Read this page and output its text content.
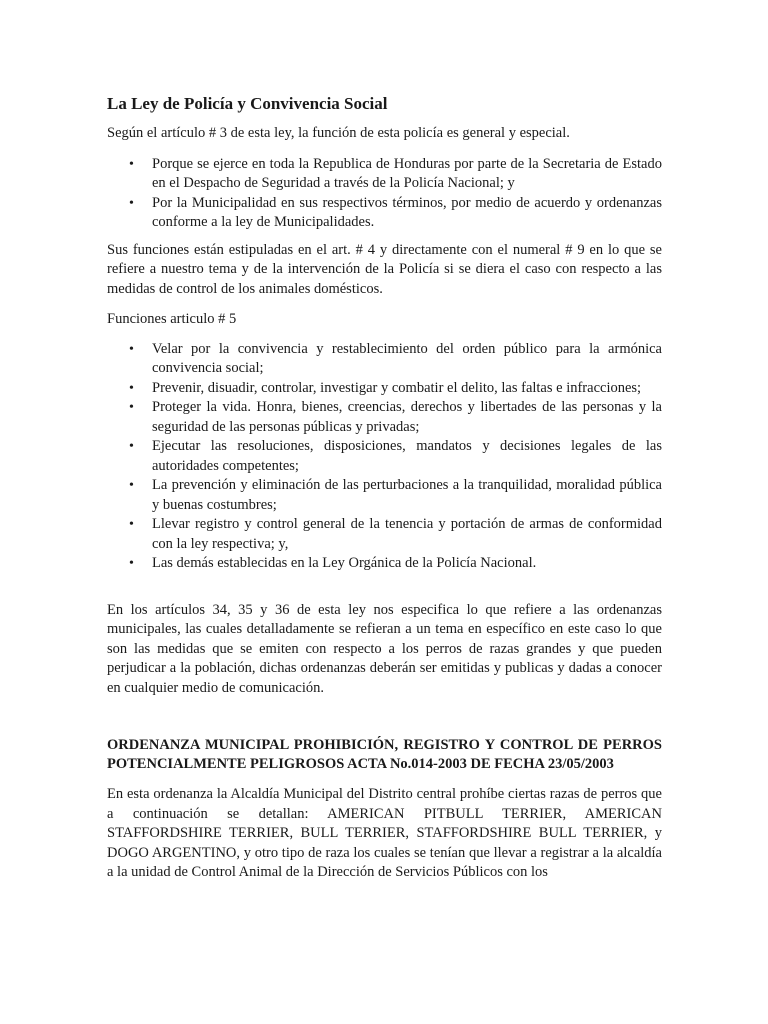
La Ley de Policía y Convivencia Social

Según el artículo # 3 de esta ley, la función de esta policía es general y especial.

• Porque se ejerce en toda la Republica de Honduras por parte de la Secretaria de Estado en el Despacho de Seguridad a través de la Policía Nacional; y
• Por la Municipalidad en sus respectivos términos, por medio de acuerdo y ordenanzas conforme a la ley de Municipalidades.

Sus funciones están estipuladas en el art. # 4 y directamente con el numeral # 9 en lo que se refiere a nuestro tema y de la intervención de la Policía si se diera el caso con respecto a las medidas de control de los animales domésticos.

Funciones articulo # 5

• Velar por la convivencia y restablecimiento del orden público para la armónica convivencia social;
• Prevenir, disuadir, controlar, investigar y combatir el delito, las faltas e infracciones;
• Proteger la vida. Honra, bienes, creencias, derechos y libertades de las personas y la seguridad de las personas públicas y privadas;
• Ejecutar las resoluciones, disposiciones, mandatos y decisiones legales de las autoridades competentes;
• La prevención y eliminación de las perturbaciones a la tranquilidad, moralidad pública y buenas costumbres;
• Llevar registro y control general de la tenencia y portación de armas de conformidad con la ley respectiva; y,
• Las demás establecidas en la Ley Orgánica de la Policía Nacional.

En los artículos 34, 35 y 36 de esta ley nos especifica lo que refiere a las ordenanzas municipales, las cuales detalladamente se refieran a un tema en específico en este caso lo que son las medidas que se emiten con respecto a los perros de razas grandes y que pueden perjudicar a la población, dichas ordenanzas deberán ser emitidas y publicas y dadas a conocer en cualquier medio de comunicación.

ORDENANZA MUNICIPAL PROHIBICIÓN, REGISTRO Y CONTROL DE PERROS POTENCIALMENTE PELIGROSOS ACTA No.014-2003 DE FECHA 23/05/2003

En esta ordenanza la Alcaldía Municipal del Distrito central prohíbe ciertas razas de perros que a continuación se detallan: AMERICAN PITBULL TERRIER, AMERICAN STAFFORDSHIRE TERRIER, BULL TERRIER, STAFFORDSHIRE BULL TERRIER, y DOGO ARGENTINO, y otro tipo de raza los cuales se tenían que llevar a registrar a la alcaldía a la unidad de Control Animal de la Dirección de Servicios Públicos con los
